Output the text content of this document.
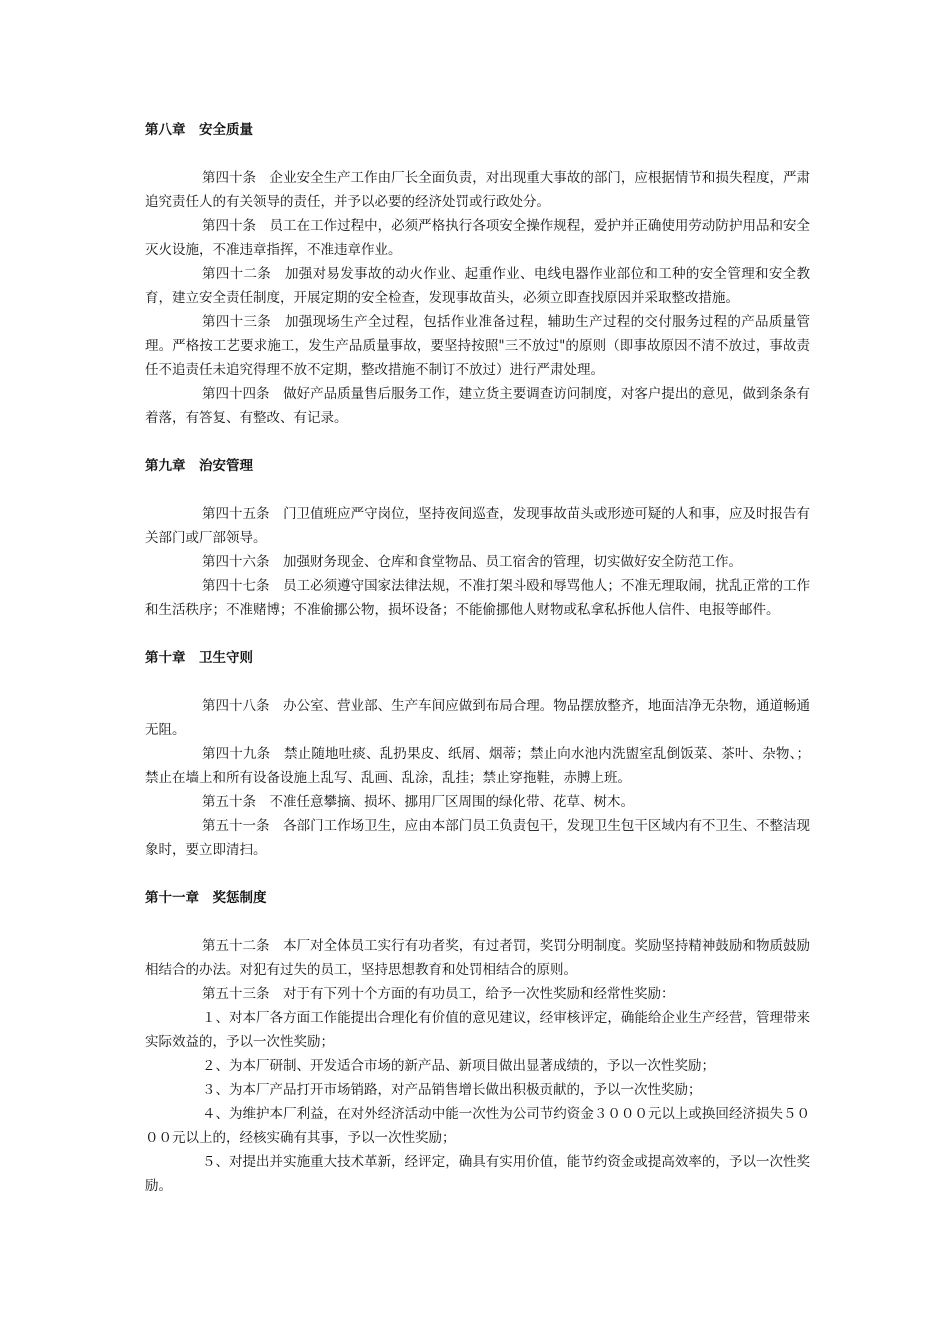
第八章　安全质量

第四十条　企业安全生产工作由厂长全面负责，对出现重大事故的部门，应根据情节和损失程度，严肃追究责任人的有关领导的责任，并予以必要的经济处罚或行政处分。

第四十条　员工在工作过程中，必须严格执行各项安全操作规程，爱护并正确使用劳动防护用品和安全灭火设施，不准违章指挥，不准违章作业。

第四十二条　加强对易发事故的动火作业、起重作业、电线电器作业部位和工种的安全管理和安全教育，建立安全责任制度，开展定期的安全检查，发现事故苗头，必须立即查找原因并采取整改措施。

第四十三条　加强现场生产全过程，包括作业准备过程，辅助生产过程的交付服务过程的产品质量管理。严格按工艺要求施工，发生产品质量事故，要坚持按照"三不放过"的原则（即事故原因不清不放过，事故责任不追责任未追究得理不放不定期，整改措施不制订不放过）进行严肃处理。

第四十四条　做好产品质量售后服务工作，建立货主要调查访问制度，对客户提出的意见，做到条条有着落，有答复、有整改、有记录。

第九章　治安管理

第四十五条　门卫值班应严守岗位，坚持夜间巡查，发现事故苗头或形迹可疑的人和事，应及时报告有关部门或厂部领导。

第四十六条　加强财务现金、仓库和食堂物品、员工宿舍的管理，切实做好安全防范工作。

第四十七条　员工必须遵守国家法律法规，不准打架斗殴和辱骂他人；不准无理取闹，扰乱正常的工作和生活秩序；不准赌博；不准偷挪公物，损坏设备；不能偷挪他人财物或私拿私拆他人信件、电报等邮件。

第十章　卫生守则

第四十八条　办公室、营业部、生产车间应做到布局合理。物品摆放整齐，地面洁净无杂物，通道畅通无阻。

第四十九条　禁止随地吐痰、乱扔果皮、纸屑、烟蒂；禁止向水池内洗盥室乱倒饭菜、茶叶、杂物、；禁止在墙上和所有设备设施上乱写、乱画、乱涂，乱挂；禁止穿拖鞋，赤膊上班。

第五十条　不准任意攀摘、损坏、挪用厂区周围的绿化带、花草、树木。

第五十一条　各部门工作场卫生，应由本部门员工负责包干，发现卫生包干区域内有不卫生、不整洁现象时，要立即清扫。

第十一章　奖惩制度

第五十二条　本厂对全体员工实行有功者奖，有过者罚，奖罚分明制度。奖励坚持精神鼓励和物质鼓励相结合的办法。对犯有过失的员工，坚持思想教育和处罚相结合的原则。

第五十三条　对于有下列十个方面的有功员工，给予一次性奖励和经常性奖励：

１、对本厂各方面工作能提出合理化有价值的意见建议，经审核评定，确能给企业生产经营，管理带来实际效益的，予以一次性奖励；

２、为本厂研制、开发适合市场的新产品、新项目做出显著成绩的，予以一次性奖励；

３、为本厂产品打开市场销路，对产品销售增长做出积极贡献的，予以一次性奖励；

４、为维护本厂利益，在对外经济活动中能一次性为公司节约资金３０００元以上或换回经济损失５０００元以上的，经核实确有其事，予以一次性奖励；

５、对提出并实施重大技术革新，经评定，确具有实用价值，能节约资金或提高效率的，予以一次性奖励。
